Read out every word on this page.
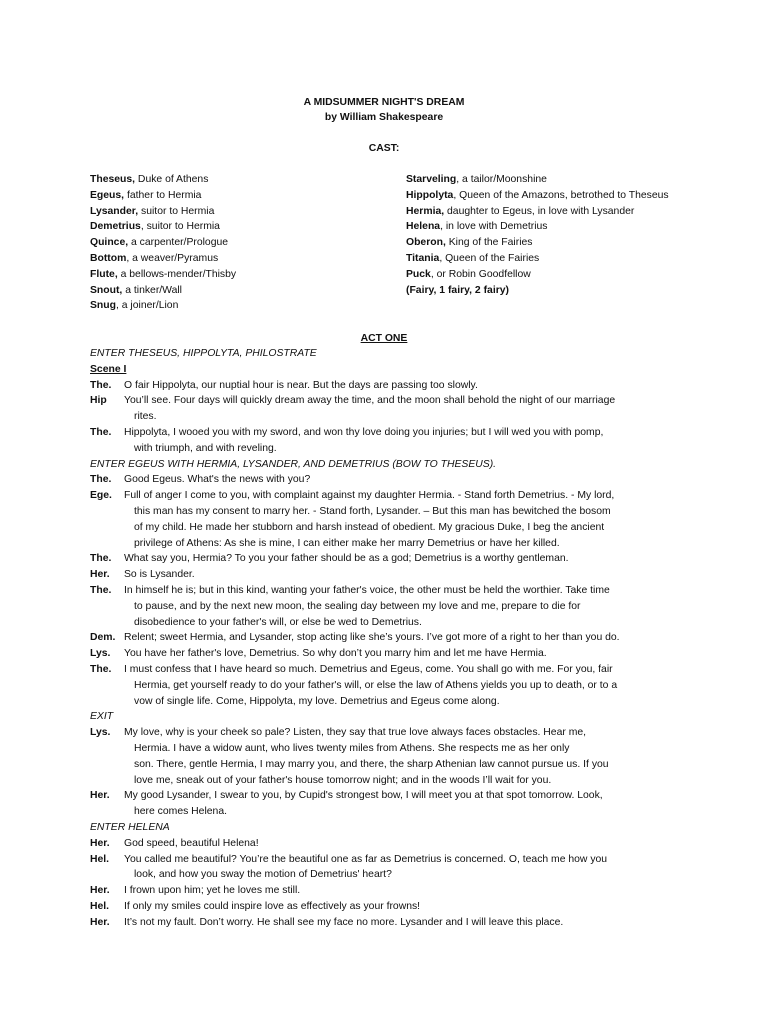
A MIDSUMMER NIGHT'S DREAM
by William Shakespeare
CAST:
Theseus, Duke of Athens
Egeus, father to Hermia
Lysander, suitor to Hermia
Demetrius, suitor to Hermia
Quince, a carpenter/Prologue
Bottom, a weaver/Pyramus
Flute, a bellows-mender/Thisby
Snout, a tinker/Wall
Snug, a joiner/Lion
Starveling, a tailor/Moonshine
Hippolyta, Queen of the Amazons, betrothed to Theseus
Hermia, daughter to Egeus, in love with Lysander
Helena, in love with Demetrius
Oberon, King of the Fairies
Titania, Queen of the Fairies
Puck, or Robin Goodfellow
(Fairy, 1 fairy, 2 fairy)
ACT ONE
ENTER THESEUS, HIPPOLYTA, PHILOSTRATE
Scene I
The.	O fair Hippolyta, our nuptial hour is near. But the days are passing too slowly.
Hip	You’ll see. Four days will quickly dream away the time, and the moon shall behold the night of our marriage
rites.
The.	Hippolyta, I wooed you with my sword, and won thy love doing you injuries; but I will wed you with pomp,
with triumph, and with reveling.
ENTER EGEUS WITH HERMIA, LYSANDER, AND DEMETRIUS (BOW TO THESEUS).
The.	Good Egeus. What's the news with you?
Ege.	Full of anger I come to you, with complaint against my daughter Hermia. - Stand forth Demetrius. - My lord,
this man has my consent to marry her. - Stand forth, Lysander. – But this man has bewitched the bosom
of my child. He made her stubborn and harsh instead of obedient. My gracious Duke, I beg the ancient
privilege of Athens: As she is mine, I can either make her marry Demetrius or have her killed.
The.	What say you, Hermia? To you your father should be as a god; Demetrius is a worthy gentleman.
Her.	So is Lysander.
The.	In himself he is; but in this kind, wanting your father's voice, the other must be held the worthier. Take time
to pause, and by the next new moon, the sealing day between my love and me, prepare to die for
disobedience to your father's will, or else be wed to Demetrius.
Dem. Relent; sweet Hermia, and Lysander, stop acting like she’s yours. I’ve got more of a right to her than you do.
Lys.	You have her father's love, Demetrius. So why don’t you marry him and let me have Hermia.
The.	I must confess that I have heard so much. Demetrius and Egeus, come. You shall go with me. For you, fair
Hermia, get yourself ready to do your father's will, or else the law of Athens yields you up to death, or to a
vow of single life. Come, Hippolyta, my love. Demetrius and Egeus come along.
EXIT
Lys.	My love, why is your cheek so pale? Listen, they say that true love always faces obstacles. Hear me,
Hermia. I have a widow aunt, who lives twenty miles from Athens. She respects me as her only
son. There, gentle Hermia, I may marry you, and there, the sharp Athenian law cannot pursue us. If you
love me, sneak out of your father's house tomorrow night; and in the woods I’ll wait for you.
Her.	My good Lysander, I swear to you, by Cupid's strongest bow, I will meet you at that spot tomorrow. Look,
here comes Helena.
ENTER HELENA
Her.	God speed, beautiful Helena!
Hel.	You called me beautiful? You’re the beautiful one as far as Demetrius is concerned. O, teach me how you
look, and how you sway the motion of Demetrius' heart?
Her.	I frown upon him; yet he loves me still.
Hel.	If only my smiles could inspire love as effectively as your frowns!
Her.	It’s not my fault. Don’t worry. He shall see my face no more. Lysander and I will leave this place.
